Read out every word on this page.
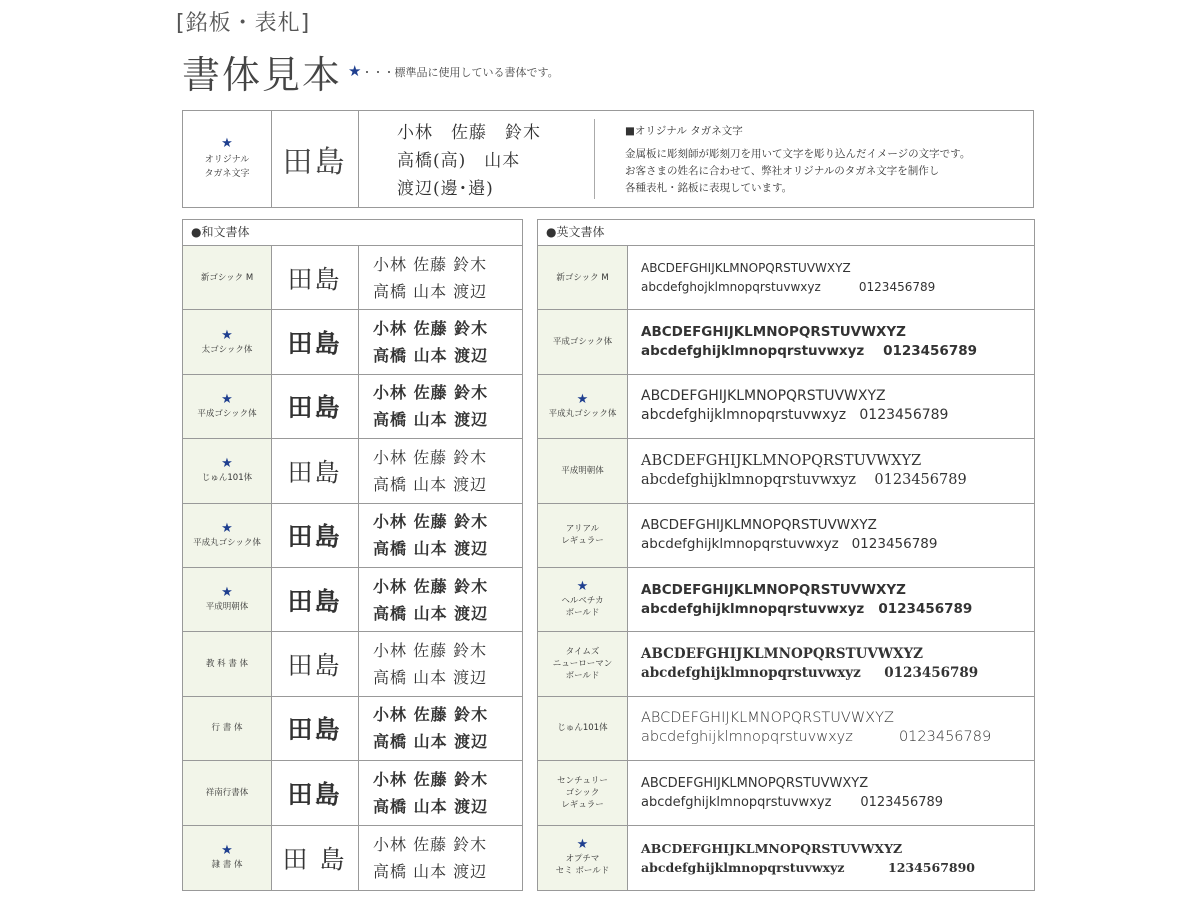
[銘板・表札]
書体見本 ★・・・標準品に使用している書体です。
★
オリジナル
タガネ文字	田島
小林　佐藤　鈴木
高橋(高)　山本
渡辺(邊･邉)
■オリジナル タガネ文字
金属板に彫刻師が彫刻刀を用いて文字を彫り込んだイメージの文字です。
お客さまの姓名に合わせて、弊社オリジナルのタガネ文字を制作し
各種表札・銘板に表現しています。
●和文書体
新ゴシック M	田島
小林 佐藤 鈴木
高橋 山本 渡辺
★
太ゴシック体	田島
小林 佐藤 鈴木
高橋 山本 渡辺
★
平成ゴシック体	田島
小林 佐藤 鈴木
高橋 山本 渡辺
★
じゅん101体	田島
小林 佐藤 鈴木
高橋 山本 渡辺
★
平成丸ゴシック体	田島
小林 佐藤 鈴木
高橋 山本 渡辺
★
平成明朝体	田島
小林 佐藤 鈴木
高橋 山本 渡辺
教 科 書 体	田島
小林 佐藤 鈴木
高橋 山本 渡辺
行 書 体	田島
小林 佐藤 鈴木
高橋 山本 渡辺
祥南行書体	田島
小林 佐藤 鈴木
高橋 山本 渡辺
★
隷 書 体	田 島
小林 佐藤 鈴木
高橋 山本 渡辺
●英文書体
新ゴシック M
ABCDEFGHIJKLMNOPQRSTUVWXYZ
abcdefghojklmnopqrstuvwxyz          0123456789
平成ゴシック体
ABCDEFGHIJKLMNOPQRSTUVWXYZ
abcdefghijklmnopqrstuvwxyz    0123456789
★
平成丸ゴシック体
ABCDEFGHIJKLMNOPQRSTUVWXYZ
abcdefghijklmnopqrstuvwxyz   0123456789
平成明朝体
ABCDEFGHIJKLMNOPQRSTUVWXYZ
abcdefghijklmnopqrstuvwxyz    0123456789
アリアル
レギュラー
ABCDEFGHIJKLMNOPQRSTUVWXYZ
abcdefghijklmnopqrstuvwxyz   0123456789
★
ヘルベチカ
ボールド
ABCDEFGHIJKLMNOPQRSTUVWXYZ
abcdefghijklmnopqrstuvwxyz   0123456789
タイムズ
ニューローマン
ボールド
ABCDEFGHIJKLMNOPQRSTUVWXYZ
abcdefghijklmnopqrstuvwxyz     0123456789
じゅん101体
ABCDEFGHIJKLMNOPQRSTUVWXYZ
abcdefghijklmnopqrstuvwxyz          0123456789
センチュリー
ゴシック
レギュラー
ABCDEFGHIJKLMNOPQRSTUVWXYZ
abcdefghijklmnopqrstuvwxyz       0123456789
★
オプチマ
セミ ボールド
ABCDEFGHIJKLMNOPQRSTUVWXYZ
abcdefghijklmnopqrstuvwxyz          1234567890
